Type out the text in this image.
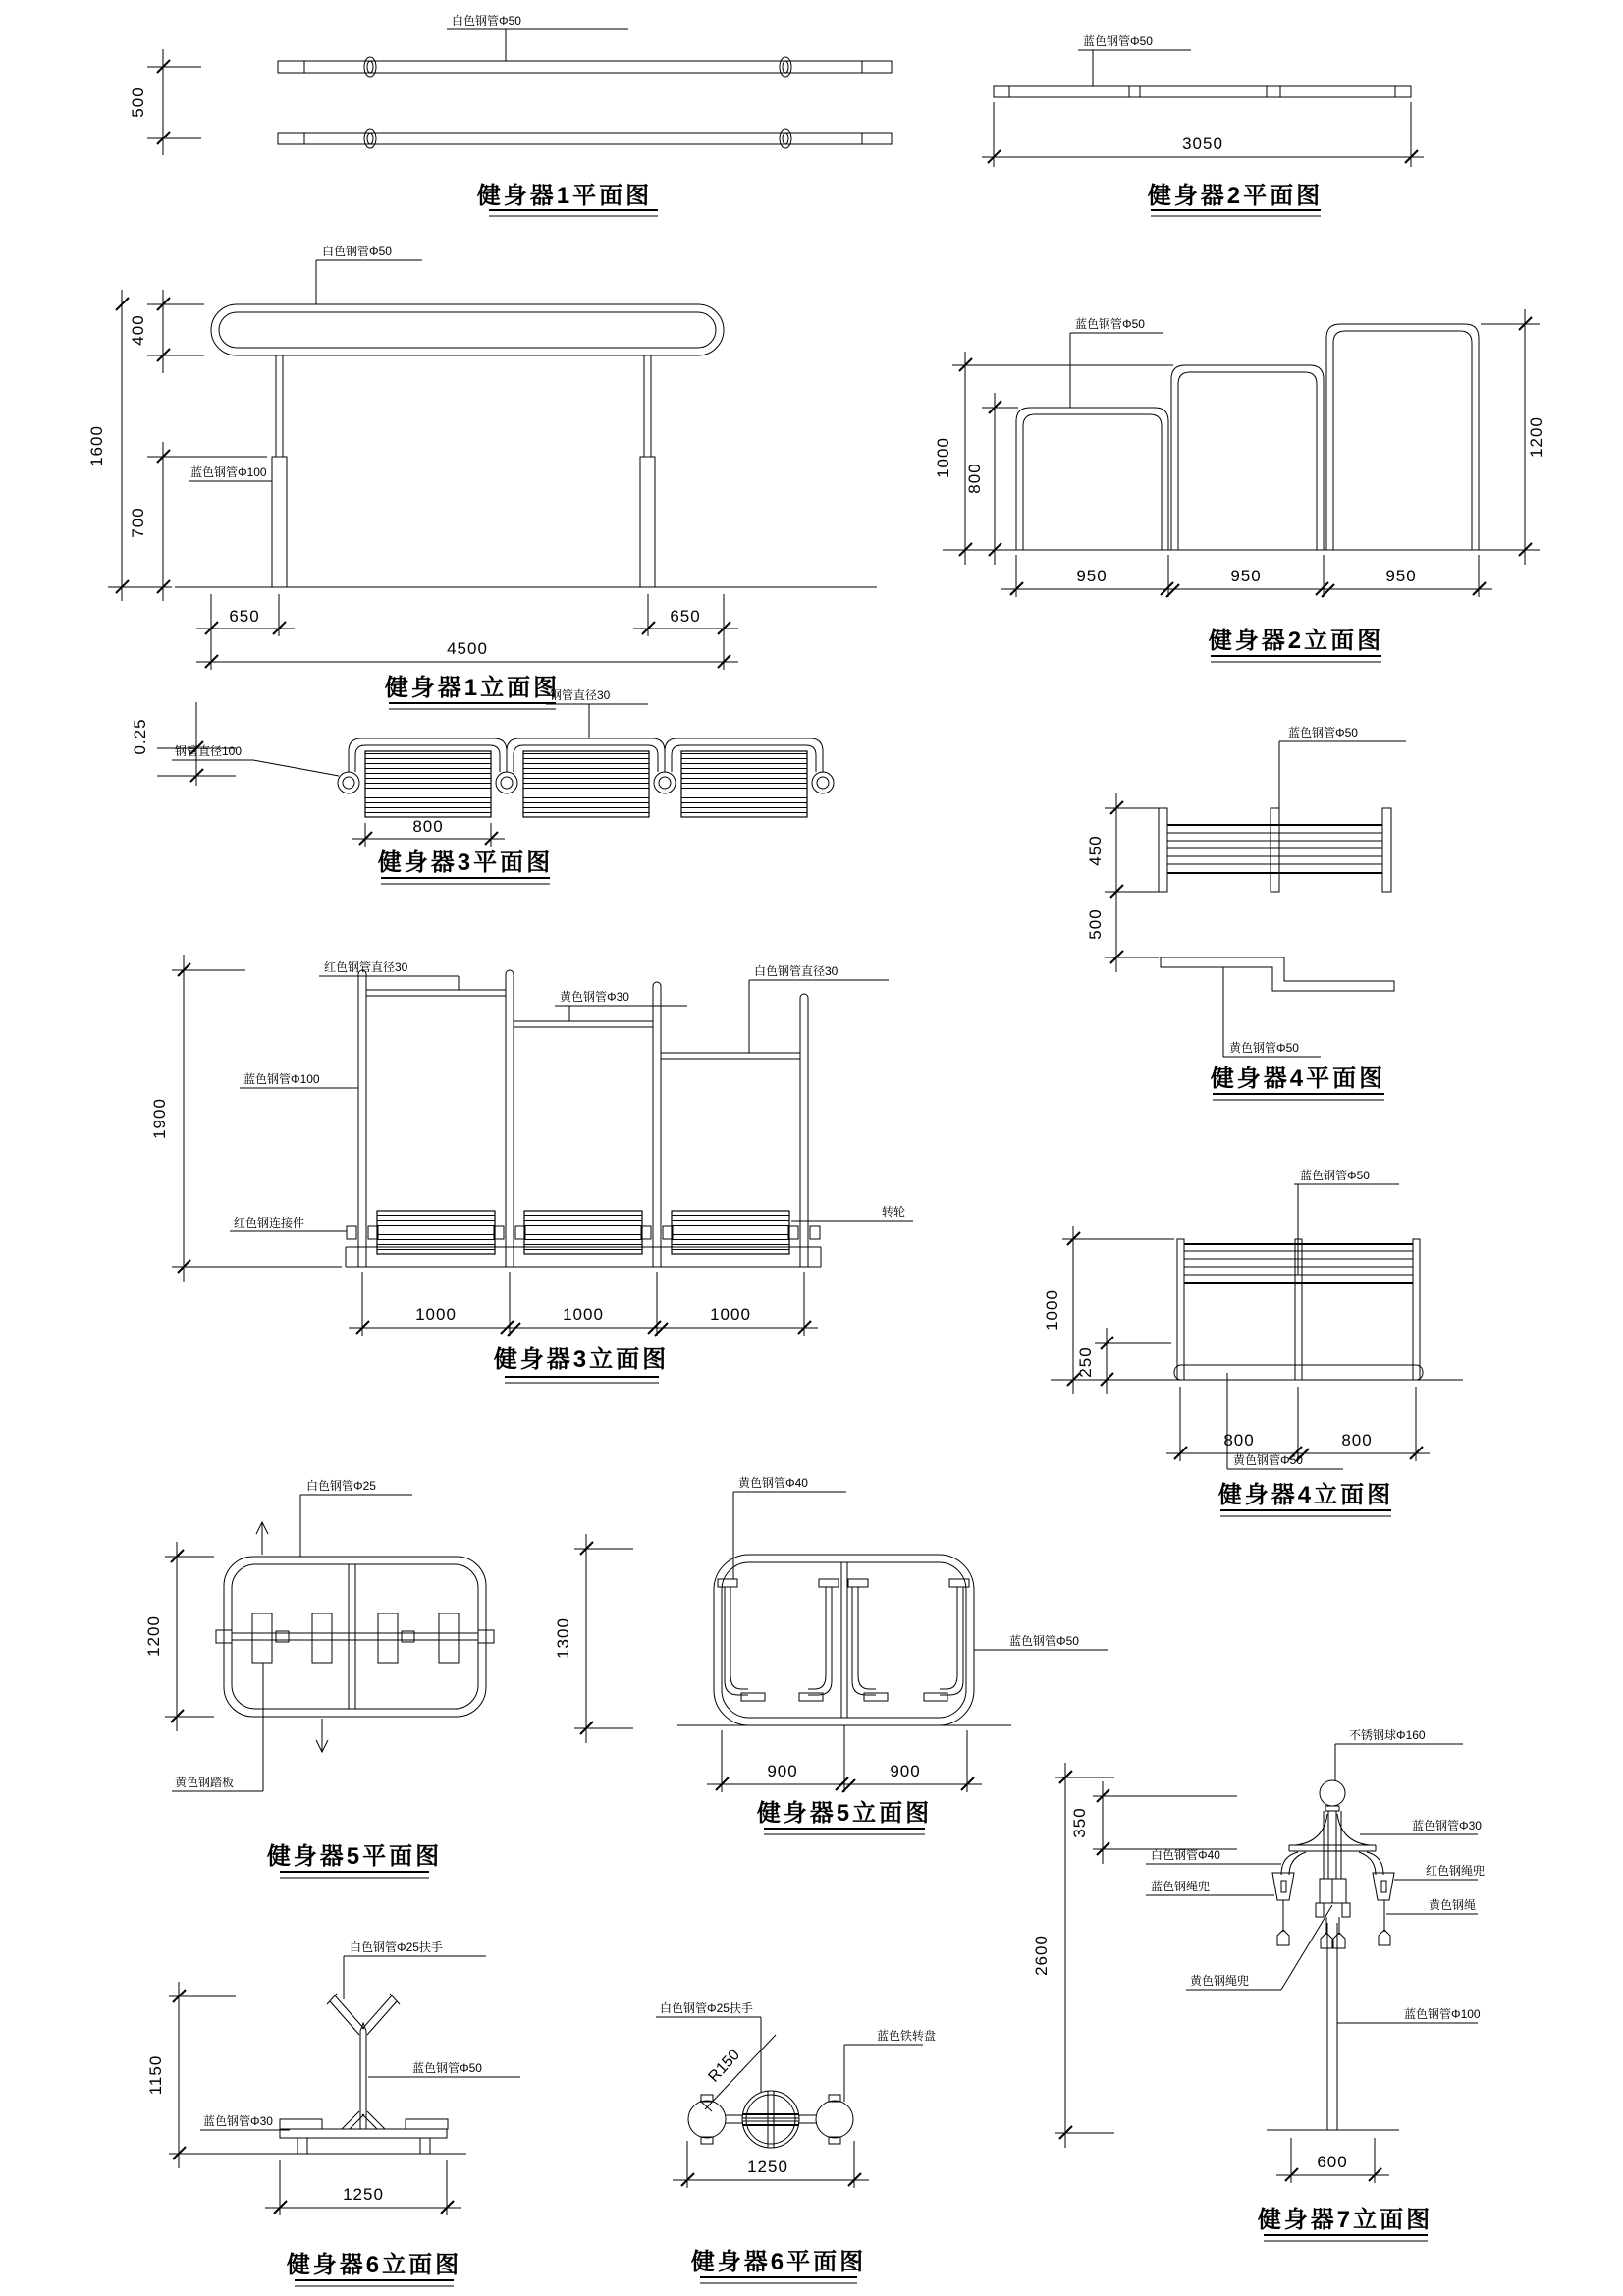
500
白色钢管Φ50
健身器1平面图
蓝色钢管Φ50
3050
健身器2平面图
400
1600
700
650	650
4500
白色钢管Φ50
蓝色钢管Φ100
健身器1立面图
1000
800
1200
950	950	950
蓝色钢管Φ50
健身器2立面图
0.25
800
钢管直径30
钢管直径100
健身器3平面图	450
500
蓝色钢管Φ50
黄色钢管Φ50
健身器4平面图
1900
1000	1000	1000
红色钢管直径30
黄色钢管Φ30
白色钢管直径30
蓝色钢管Φ100
红色钢连接件
转轮
健身器3立面图
1000
250
800	800
蓝色钢管Φ50
黄色钢管Φ50
健身器4立面图
1200
白色钢管Φ25
黄色钢踏板
健身器5平面图
黄色钢管Φ40
蓝色钢管Φ50
1300
900	900
健身器5立面图
1150
1250
白色钢管Φ25扶手
蓝色钢管Φ50
蓝色钢管Φ30
健身器6立面图
白色钢管Φ25扶手
R150
蓝色铁转盘
1250
健身器6平面图
不锈钢球Φ160
蓝色钢管Φ30
白色钢管Φ40
蓝色钢绳兜
红色钢绳兜
黄色钢绳
黄色钢绳兜
蓝色钢管Φ100
350
2600
600
健身器7立面图
